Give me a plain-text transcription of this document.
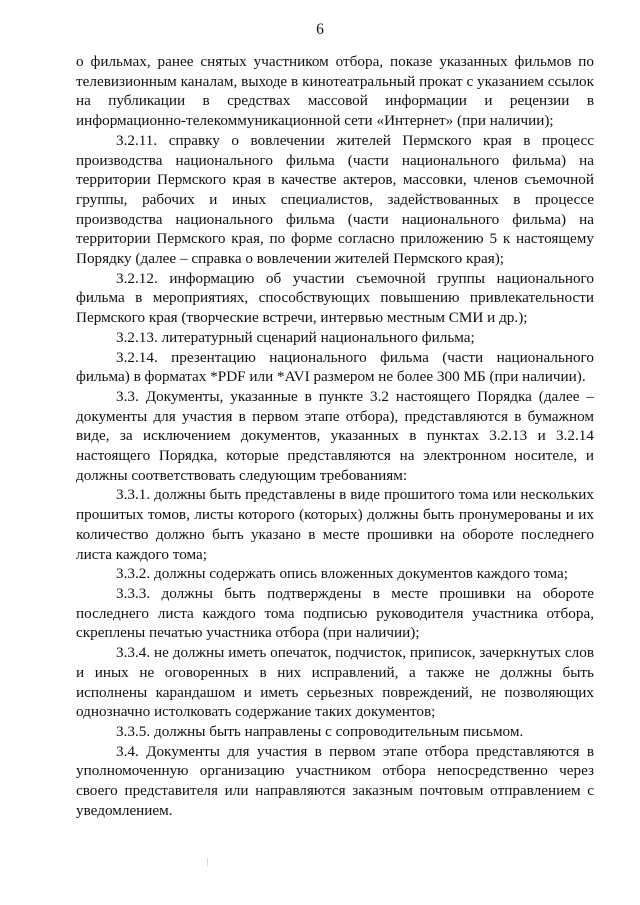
6

о фильмах, ранее снятых участником отбора, показе указанных фильмов по телевизионным каналам, выходе в кинотеатральный прокат с указанием ссылок на публикации в средствах массовой информации и рецензии в информационно-телекоммуникационной сети «Интернет» (при наличии);

3.2.11. справку о вовлечении жителей Пермского края в процесс производства национального фильма (части национального фильма) на территории Пермского края в качестве актеров, массовки, членов съемочной группы, рабочих и иных специалистов, задействованных в процессе производства национального фильма (части национального фильма) на территории Пермского края, по форме согласно приложению 5 к настоящему Порядку (далее – справка о вовлечении жителей Пермского края);

3.2.12. информацию об участии съемочной группы национального фильма в мероприятиях, способствующих повышению привлекательности Пермского края (творческие встречи, интервью местным СМИ и др.);

3.2.13. литературный сценарий национального фильма;

3.2.14. презентацию национального фильма (части национального фильма) в форматах *PDF или *AVI размером не более 300 МБ (при наличии).

3.3. Документы, указанные в пункте 3.2 настоящего Порядка (далее – документы для участия в первом этапе отбора), представляются в бумажном виде, за исключением документов, указанных в пунктах 3.2.13 и 3.2.14 настоящего Порядка, которые представляются на электронном носителе, и должны соответствовать следующим требованиям:

3.3.1. должны быть представлены в виде прошитого тома или нескольких прошитых томов, листы которого (которых) должны быть пронумерованы и их количество должно быть указано в месте прошивки на обороте последнего листа каждого тома;

3.3.2. должны содержать опись вложенных документов каждого тома;

3.3.3. должны быть подтверждены в месте прошивки на обороте последнего листа каждого тома подписью руководителя участника отбора, скреплены печатью участника отбора (при наличии);

3.3.4. не должны иметь опечаток, подчисток, приписок, зачеркнутых слов и иных не оговоренных в них исправлений, а также не должны быть исполнены карандашом и иметь серьезных повреждений, не позволяющих однозначно истолковать содержание таких документов;

3.3.5. должны быть направлены с сопроводительным письмом.

3.4. Документы для участия в первом этапе отбора представляются в уполномоченную организацию участником отбора непосредственно через своего представителя или направляются заказным почтовым отправлением с уведомлением.
